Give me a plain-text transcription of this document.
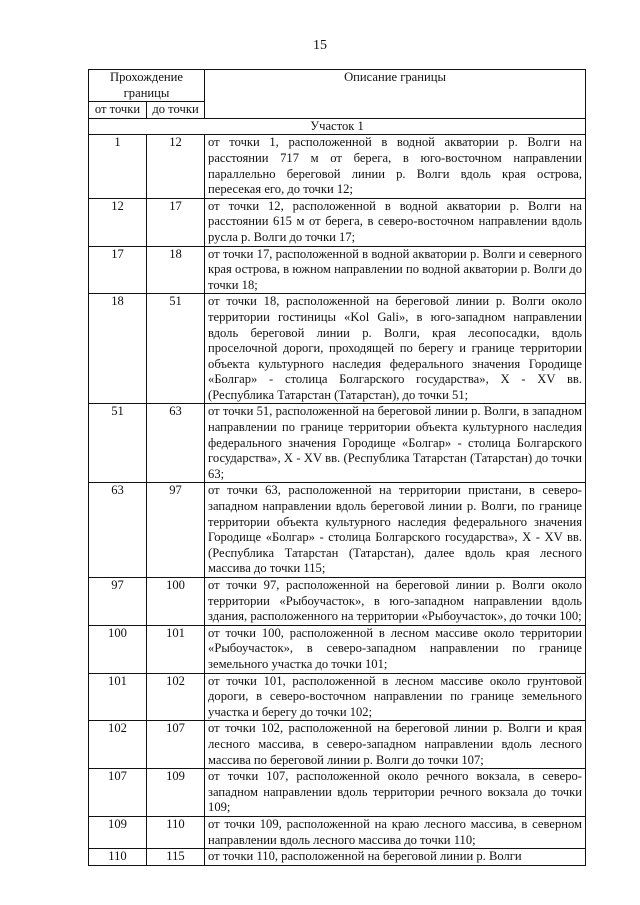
15
Прохождение границы		Описание границы
от точки	до точки	
Участок 1		
1	12	от точки 1, расположенной в водной акватории р. Волги на расстоянии 717 м от берега, в юго-восточном направлении параллельно береговой линии р. Волги вдоль края острова, пересекая его, до точки 12;
12	17	от точки 12, расположенной в водной акватории р. Волги на расстоянии 615 м от берега, в северо-восточном направлении вдоль русла р. Волги до точки 17;
17	18	от точки 17, расположенной в водной акватории р. Волги и северного края острова, в южном направлении по водной акватории р. Волги до точки 18;
18	51	от точки 18, расположенной на береговой линии р. Волги около территории гостиницы «Kol Gali», в юго-западном направлении вдоль береговой линии р. Волги, края лесопосадки, вдоль проселочной дороги, проходящей по берегу и границе территории объекта культурного наследия федерального значения Городище «Болгар» - столица Болгарского государства», X - XV вв. (Республика Татарстан (Татарстан), до точки 51;
51	63	от точки 51, расположенной на береговой линии р. Волги, в западном направлении по границе территории объекта культурного наследия федерального значения Городище «Болгар» - столица Болгарского государства», X - XV вв. (Республика Татарстан (Татарстан) до точки 63;
63	97	от точки 63, расположенной на территории пристани, в северо-западном направлении вдоль береговой линии р. Волги, по границе территории объекта культурного наследия федерального значения Городище «Болгар» - столица Болгарского государства», X - XV вв. (Республика Татарстан (Татарстан), далее вдоль края лесного массива до точки 115;
97	100	от точки 97, расположенной на береговой линии р. Волги около территории «Рыбоучасток», в юго-западном направлении вдоль здания, расположенного на территории «Рыбоучасток», до точки 100;
100	101	от точки 100, расположенной в лесном массиве около территории «Рыбоучасток», в северо-западном направлении по границе земельного участка до точки 101;
101	102	от точки 101, расположенной в лесном массиве около грунтовой дороги, в северо-восточном направлении по границе земельного участка и берегу до точки 102;
102	107	от точки 102, расположенной на береговой линии р. Волги и края лесного массива, в северо-западном направлении вдоль лесного массива по береговой линии р. Волги до точки 107;
107	109	от точки 107, расположенной около речного вокзала, в северо-западном направлении вдоль территории речного вокзала до точки 109;
109	110	от точки 109, расположенной на краю лесного массива, в северном направлении вдоль лесного массива до точки 110;
110	115	от точки 110, расположенной на береговой линии р. Волги
